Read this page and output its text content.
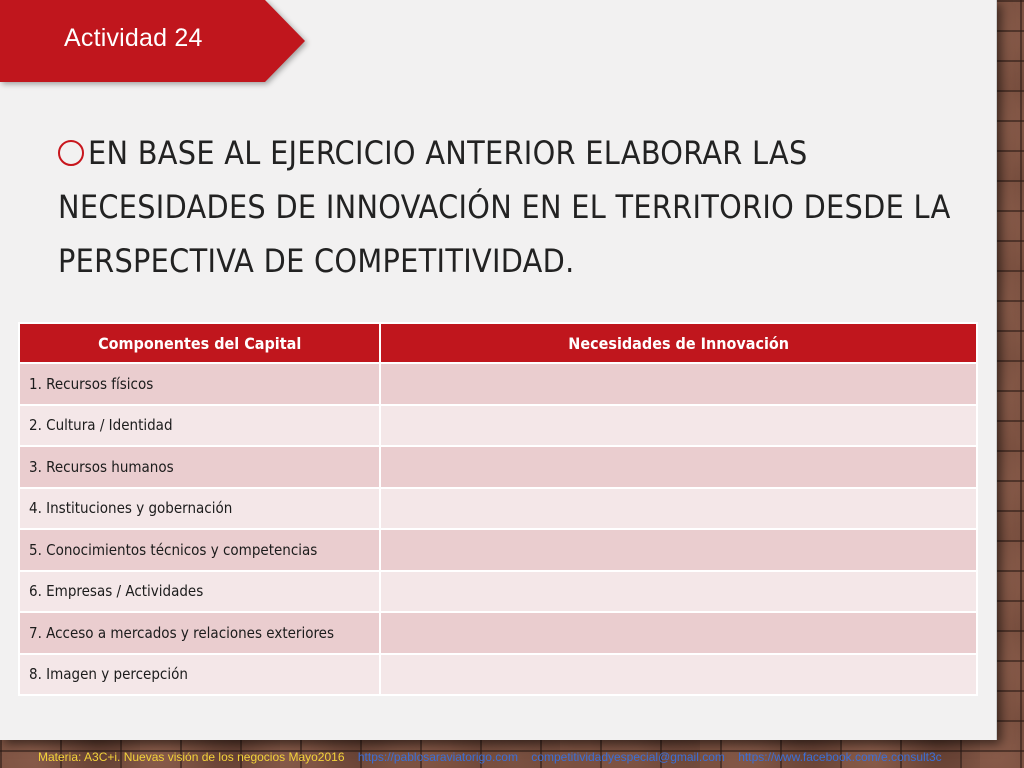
Actividad 24
EN BASE AL EJERCICIO ANTERIOR ELABORAR LAS NECESIDADES DE INNOVACIÓN EN EL TERRITORIO DESDE LA PERSPECTIVA DE COMPETITIVIDAD.
Componentes del Capital	Necesidades de Innovación
1. Recursos físicos	
2. Cultura / Identidad	
3. Recursos humanos	
4. Instituciones y gobernación	
5. Conocimientos técnicos y competencias	
6. Empresas / Actividades	
7. Acceso a mercados y relaciones exteriores	
8. Imagen y percepción	
Materia: A3C+i. Nuevas visión de los negocios Mayo2016 https://pablosaraviatorigo.com competitividadyespecial@gmail.com https://www.facebook.com/e.consult3c
